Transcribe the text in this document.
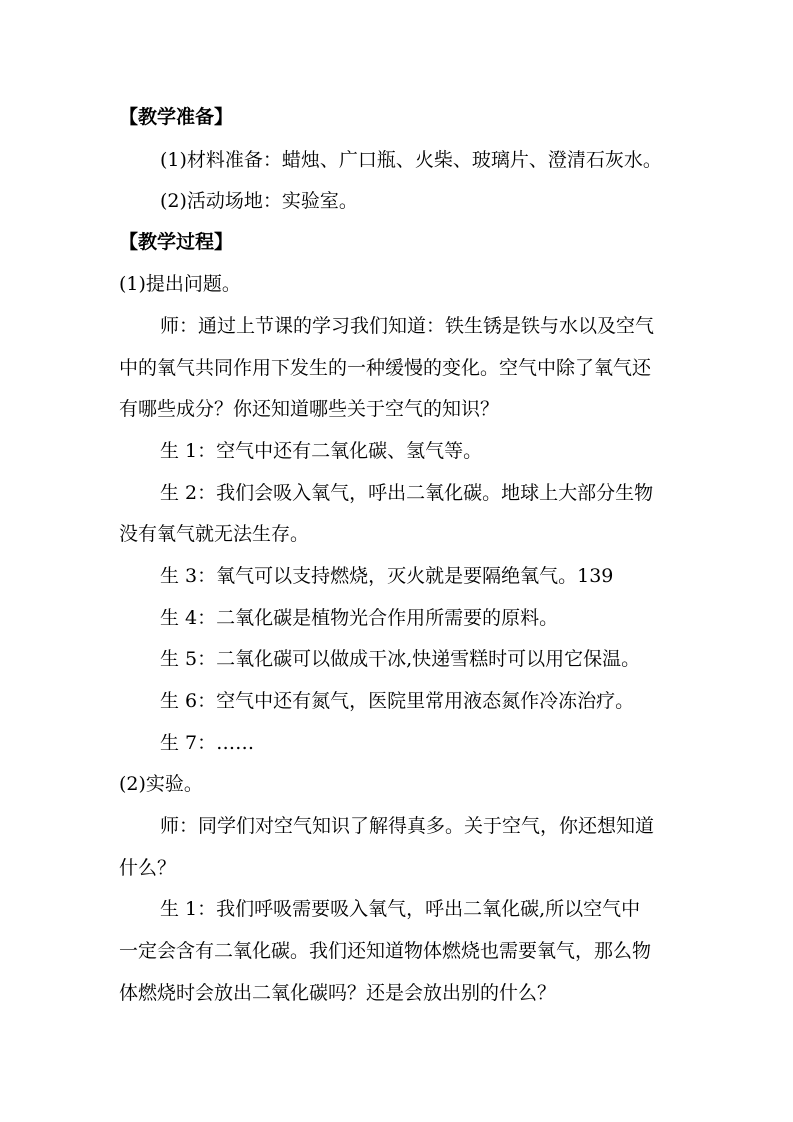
【教学准备】
(1)材料准备：蜡烛、广口瓶、火柴、玻璃片、澄清石灰水。
(2)活动场地：实验室。
【教学过程】
(1)提出问题。
师：通过上节课的学习我们知道：铁生锈是铁与水以及空气
中的氧气共同作用下发生的一种缓慢的变化。空气中除了氧气还
有哪些成分？你还知道哪些关于空气的知识？
生 1：空气中还有二氧化碳、氢气等。
生 2：我们会吸入氧气，呼出二氧化碳。地球上大部分生物
没有氧气就无法生存。
生 3：氧气可以支持燃烧，灭火就是要隔绝氧气。139
生 4：二氧化碳是植物光合作用所需要的原料。
生 5：二氧化碳可以做成干冰,快递雪糕时可以用它保温。
生 6：空气中还有氮气，医院里常用液态氮作冷冻治疗。
生 7：……
(2)实验。
师：同学们对空气知识了解得真多。关于空气，你还想知道
什么？
生 1：我们呼吸需要吸入氧气，呼出二氧化碳,所以空气中
一定会含有二氧化碳。我们还知道物体燃烧也需要氧气，那么物
体燃烧时会放出二氧化碳吗？还是会放出别的什么？
